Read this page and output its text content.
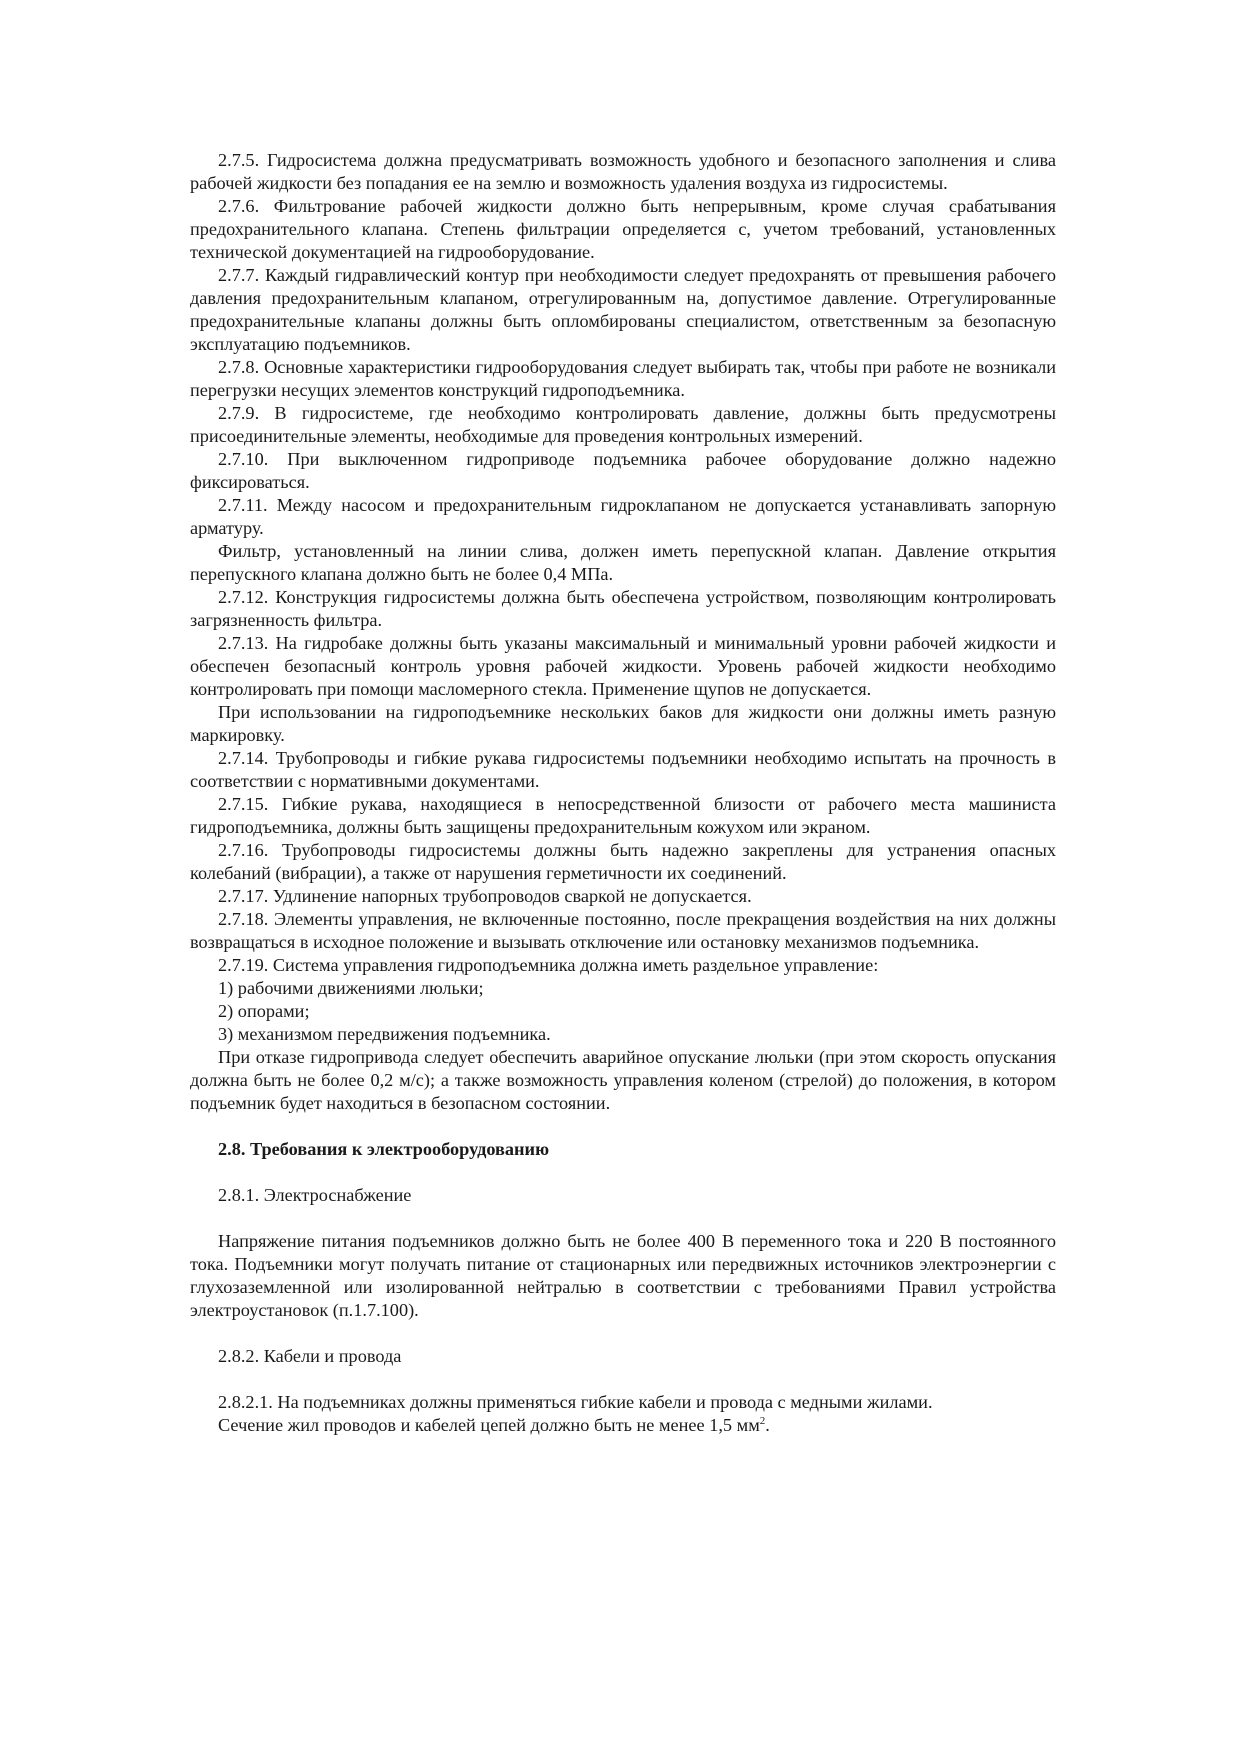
2.7.5. Гидросистема должна предусматривать возможность удобного и безопасного заполнения и слива рабочей жидкости без попадания ее на землю и возможность удаления воздуха из гидросистемы.

2.7.6. Фильтрование рабочей жидкости должно быть непрерывным, кроме случая срабатывания предохранительного клапана. Степень фильтрации определяется с, учетом требований, установленных технической документацией на гидрооборудование.

2.7.7. Каждый гидравлический контур при необходимости следует предохранять от превышения рабочего давления предохранительным клапаном, отрегулированным на, допустимое давление. Отрегулированные предохранительные клапаны должны быть опломбированы специалистом, ответственным за безопасную эксплуатацию подъемников.

2.7.8. Основные характеристики гидрооборудования следует выбирать так, чтобы при работе не возникали перегрузки несущих элементов конструкций гидроподъемника.

2.7.9. В гидросистеме, где необходимо контролировать давление, должны быть предусмотрены присоединительные элементы, необходимые для проведения контрольных измерений.

2.7.10. При выключенном гидроприводе подъемника рабочее оборудование должно надежно фиксироваться.

2.7.11. Между насосом и предохранительным гидроклапаном не допускается устанавливать запорную арматуру.

Фильтр, установленный на линии слива, должен иметь перепускной клапан. Давление открытия перепускного клапана должно быть не более 0,4 МПа.

2.7.12. Конструкция гидросистемы должна быть обеспечена устройством, позволяющим контролировать загрязненность фильтра.

2.7.13. На гидробаке должны быть указаны максимальный и минимальный уровни рабочей жидкости и обеспечен безопасный контроль уровня рабочей жидкости. Уровень рабочей жидкости необходимо контролировать при помощи масломерного стекла. Применение щупов не допускается.

При использовании на гидроподъемнике нескольких баков для жидкости они должны иметь разную маркировку.

2.7.14. Трубопроводы и гибкие рукава гидросистемы подъемники необходимо испытать на прочность в соответствии с нормативными документами.

2.7.15. Гибкие рукава, находящиеся в непосредственной близости от рабочего места машиниста гидроподъемника, должны быть защищены предохранительным кожухом или экраном.

2.7.16. Трубопроводы гидросистемы должны быть надежно закреплены для устранения опасных колебаний (вибрации), а также от нарушения герметичности их соединений.

2.7.17. Удлинение напорных трубопроводов сваркой не допускается.

2.7.18. Элементы управления, не включенные постоянно, после прекращения воздействия на них должны возвращаться в исходное положение и вызывать отключение или остановку механизмов подъемника.

2.7.19. Система управления гидроподъемника должна иметь раздельное управление:

1) рабочими движениями люльки;

2) опорами;

3) механизмом передвижения подъемника.

При отказе гидропривода следует обеспечить аварийное опускание люльки (при этом скорость опускания должна быть не более 0,2 м/с); а также возможность управления коленом (стрелой) до положения, в котором подъемник будет находиться в безопасном состоянии.

2.8. Требования к электрооборудованию

2.8.1. Электроснабжение

Напряжение питания подъемников должно быть не более 400 В переменного тока и 220 В постоянного тока. Подъемники могут получать питание от стационарных или передвижных источников электроэнергии с глухозаземленной или изолированной нейтралью в соответствии с требованиями Правил устройства электроустановок (п.1.7.100).

2.8.2. Кабели и провода

2.8.2.1. На подъемниках должны применяться гибкие кабели и провода с медными жилами.

Сечение жил проводов и кабелей цепей должно быть не менее 1,5 $мм^2$.
